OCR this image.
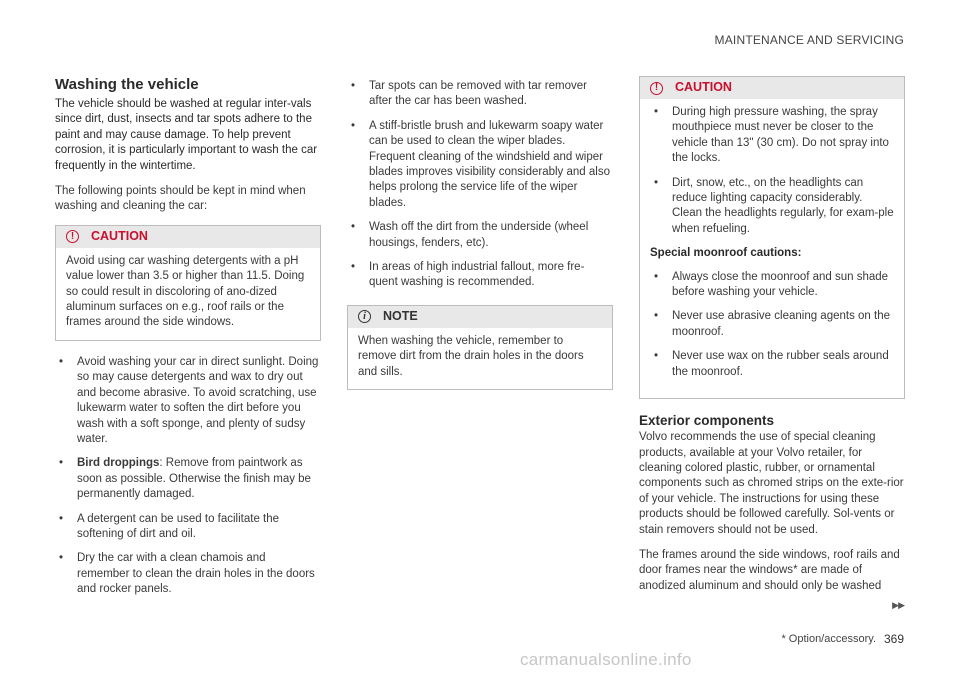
MAINTENANCE AND SERVICING
Washing the vehicle

The vehicle should be washed at regular inter-vals since dirt, dust, insects and tar spots adhere to the paint and may cause damage. To help prevent corrosion, it is particularly important to wash the car frequently in the wintertime.

The following points should be kept in mind when washing and cleaning the car:

!	CAUTION

Avoid using car washing detergents with a pH value lower than 3.5 or higher than 11.5. Doing so could result in discoloring of ano-dized aluminum surfaces on e.g., roof rails or the frames around the side windows.

• Avoid washing your car in direct sunlight. Doing so may cause detergents and wax to dry out and become abrasive. To avoid scratching, use lukewarm water to soften the dirt before you wash with a soft sponge, and plenty of sudsy water.
• Bird droppings: Remove from paintwork as soon as possible. Otherwise the finish may be permanently damaged.
• A detergent can be used to facilitate the softening of dirt and oil.
• Dry the car with a clean chamois and remember to clean the drain holes in the doors and rocker panels.
• Tar spots can be removed with tar remover after the car has been washed.
• A stiff-bristle brush and lukewarm soapy water can be used to clean the wiper blades. Frequent cleaning of the windshield and wiper blades improves visibility considerably and also helps prolong the service life of the wiper blades.
• Wash off the dirt from the underside (wheel housings, fenders, etc).
• In areas of high industrial fallout, more fre-quent washing is recommended.
i	NOTE

When washing the vehicle, remember to remove dirt from the drain holes in the doors and sills.

!	CAUTION
• During high pressure washing, the spray mouthpiece must never be closer to the vehicle than 13" (30 cm). Do not spray into the locks.
• Dirt, snow, etc., on the headlights can reduce lighting capacity considerably. Clean the headlights regularly, for exam-ple when refueling.
Special moonroof cautions:
• Always close the moonroof and sun shade before washing your vehicle.
• Never use abrasive cleaning agents on the moonroof.
• Never use wax on the rubber seals around the moonroof.
Exterior components

Volvo recommends the use of special cleaning products, available at your Volvo retailer, for cleaning colored plastic, rubber, or ornamental components such as chromed strips on the exte-rior of your vehicle. The instructions for using these products should be followed carefully. Sol-vents or stain removers should not be used.

The frames around the side windows, roof rails and door frames near the windows* are made of anodized aluminum and should only be washed

▶▶
* Option/accessory. 369
carmanualsonline.info
